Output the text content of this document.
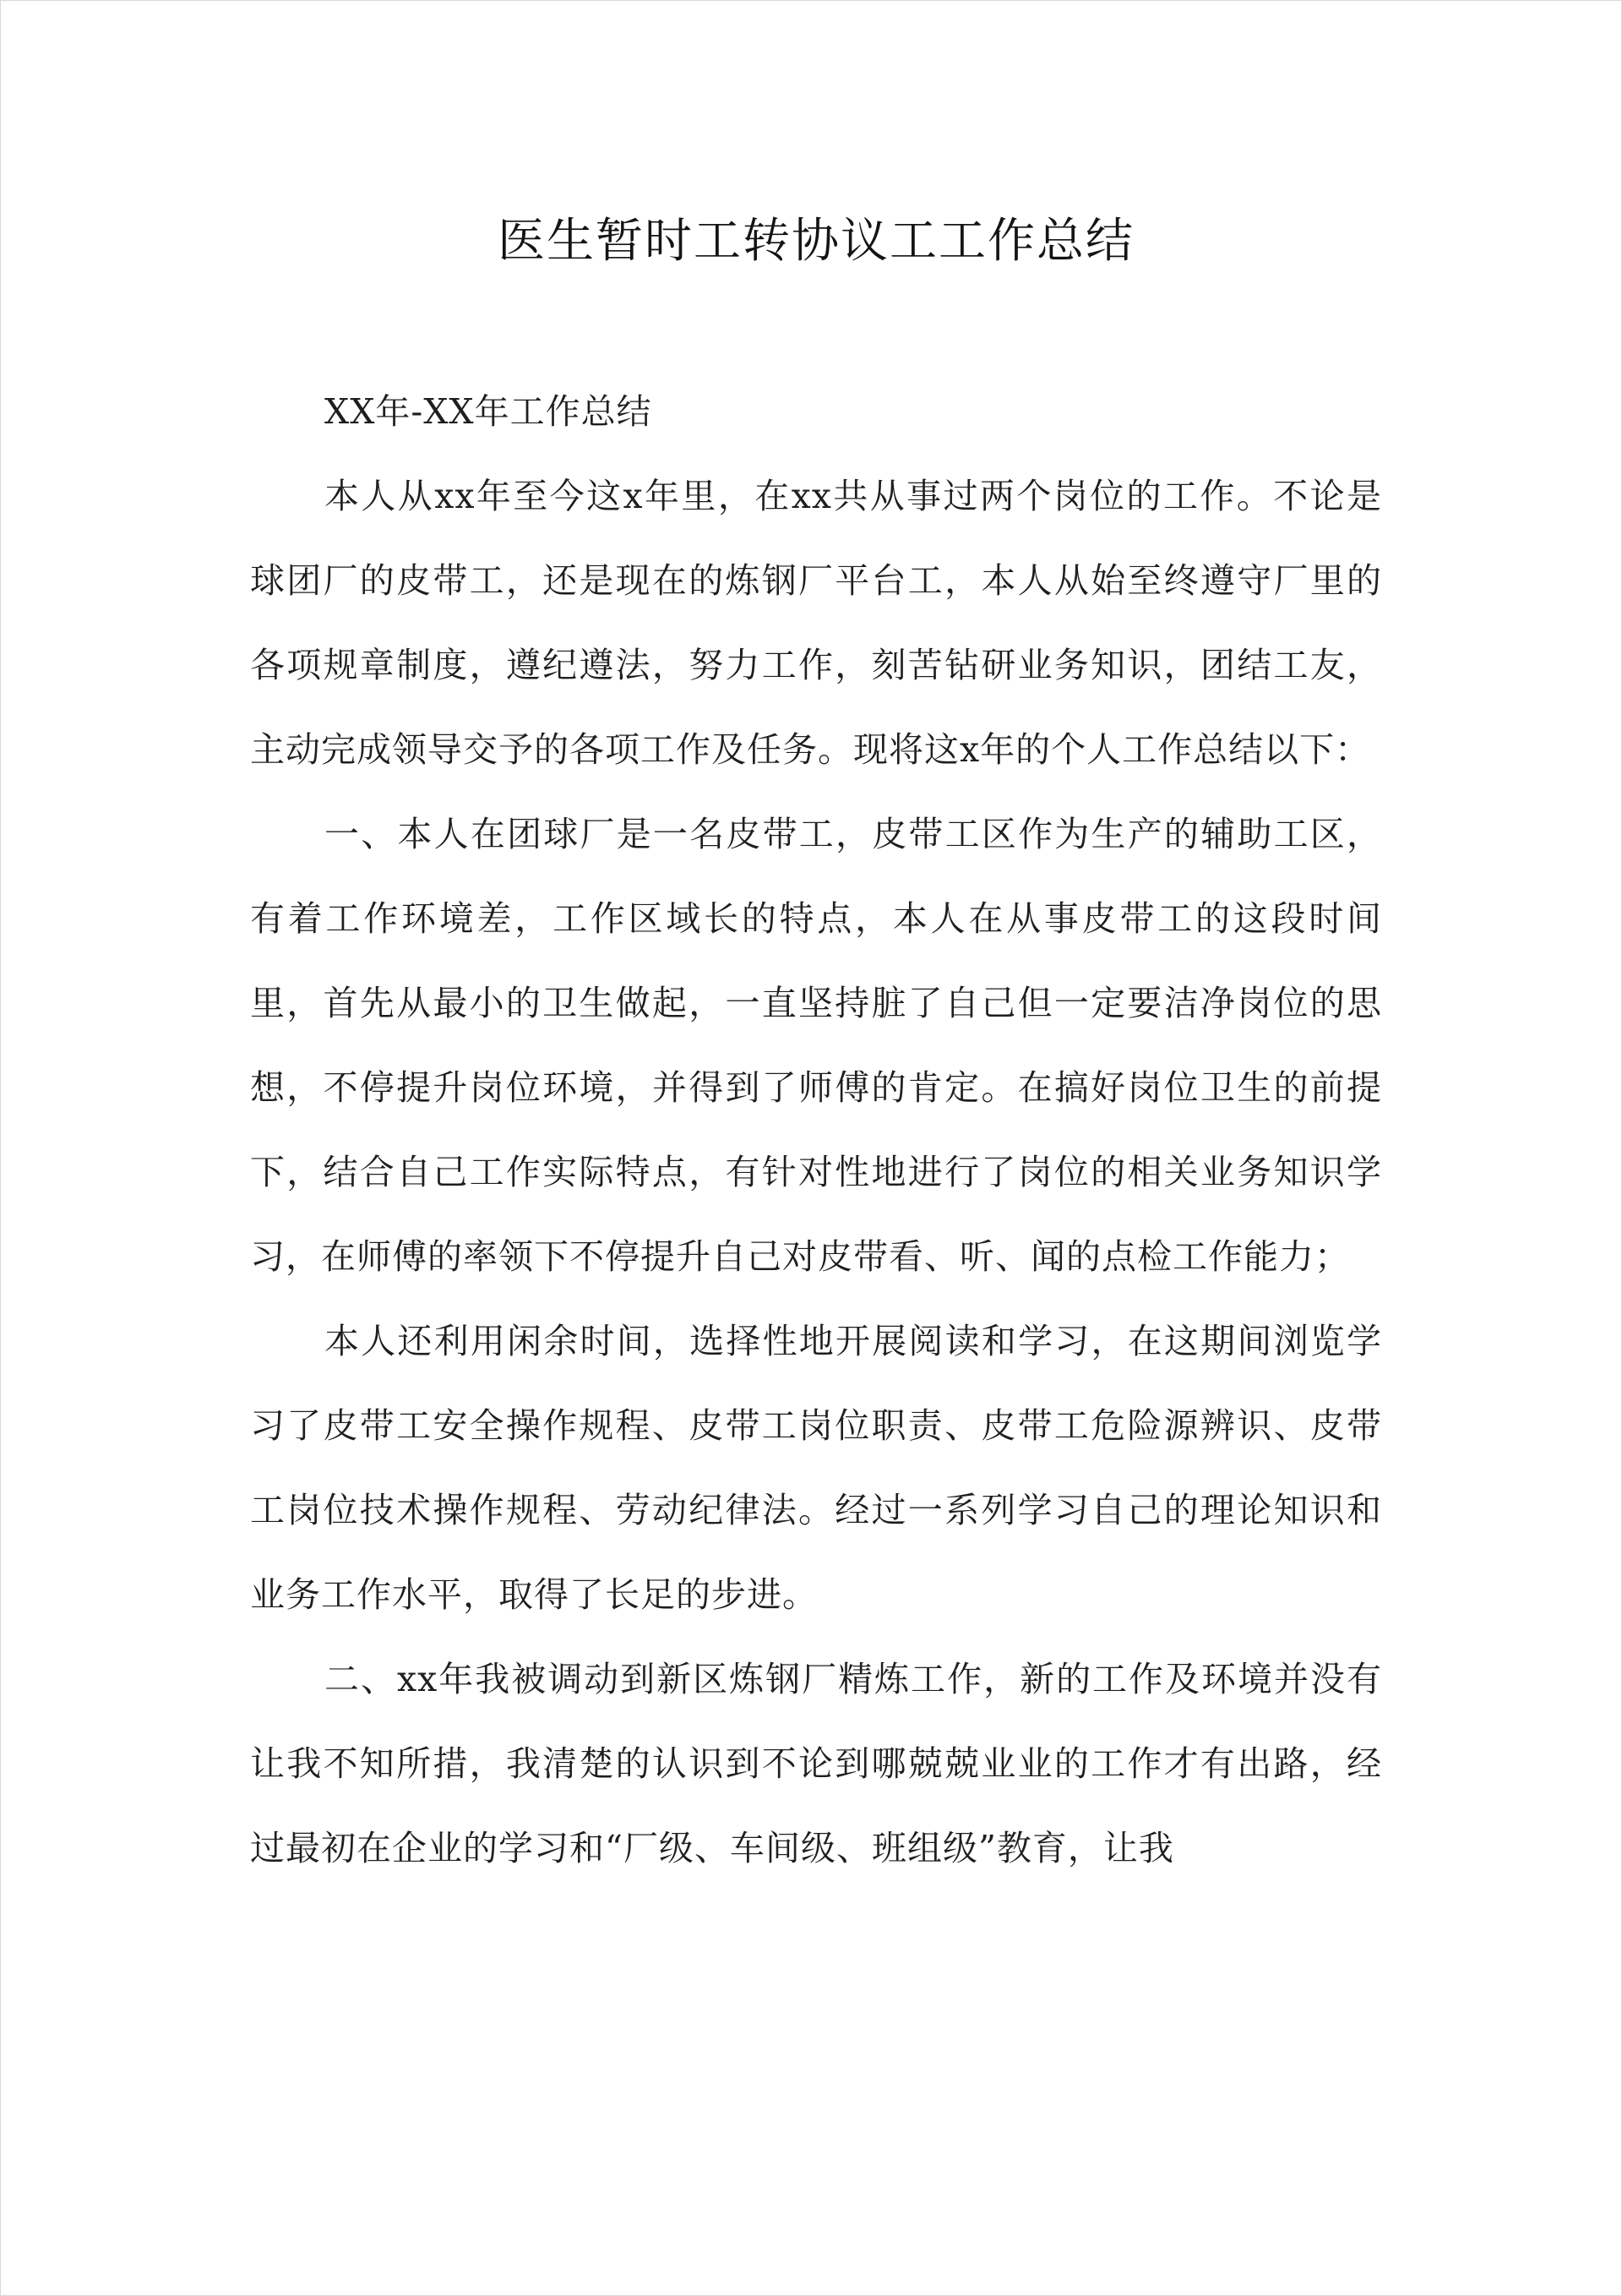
医生暂时工转协议工工作总结

XX年-XX年工作总结

本人从xx年至今这x年里，在xx共从事过两个岗位的工作。不论是球团厂的皮带工，还是现在的炼钢厂平台工，本人从始至终遵守厂里的各项规章制度，遵纪遵法，努力工作，刻苦钻研业务知识，团结工友，主动完成领导交予的各项工作及任务。现将这x年的个人工作总结以下：

一、本人在团球厂是一名皮带工，皮带工区作为生产的辅助工区，有着工作环境差，工作区域长的特点，本人在从事皮带工的这段时间里，首先从最小的卫生做起，一直坚持脏了自己但一定要洁净岗位的思想，不停提升岗位环境，并得到了师傅的肯定。在搞好岗位卫生的前提下，结合自己工作实际特点，有针对性地进行了岗位的相关业务知识学习，在师傅的率领下不停提升自己对皮带看、听、闻的点检工作能力；

本人还利用闲余时间，选择性地开展阅读和学习，在这期间浏览学习了皮带工安全操作规程、皮带工岗位职责、皮带工危险源辨识、皮带工岗位技术操作规程、劳动纪律法。经过一系列学习自己的理论知识和业务工作水平，取得了长足的步进。

二、xx年我被调动到新区炼钢厂精炼工作，新的工作及环境并没有让我不知所措，我清楚的认识到不论到哪兢兢业业的工作才有出路，经过最初在企业的学习和“厂级、车间级、班组级”教育，让我
